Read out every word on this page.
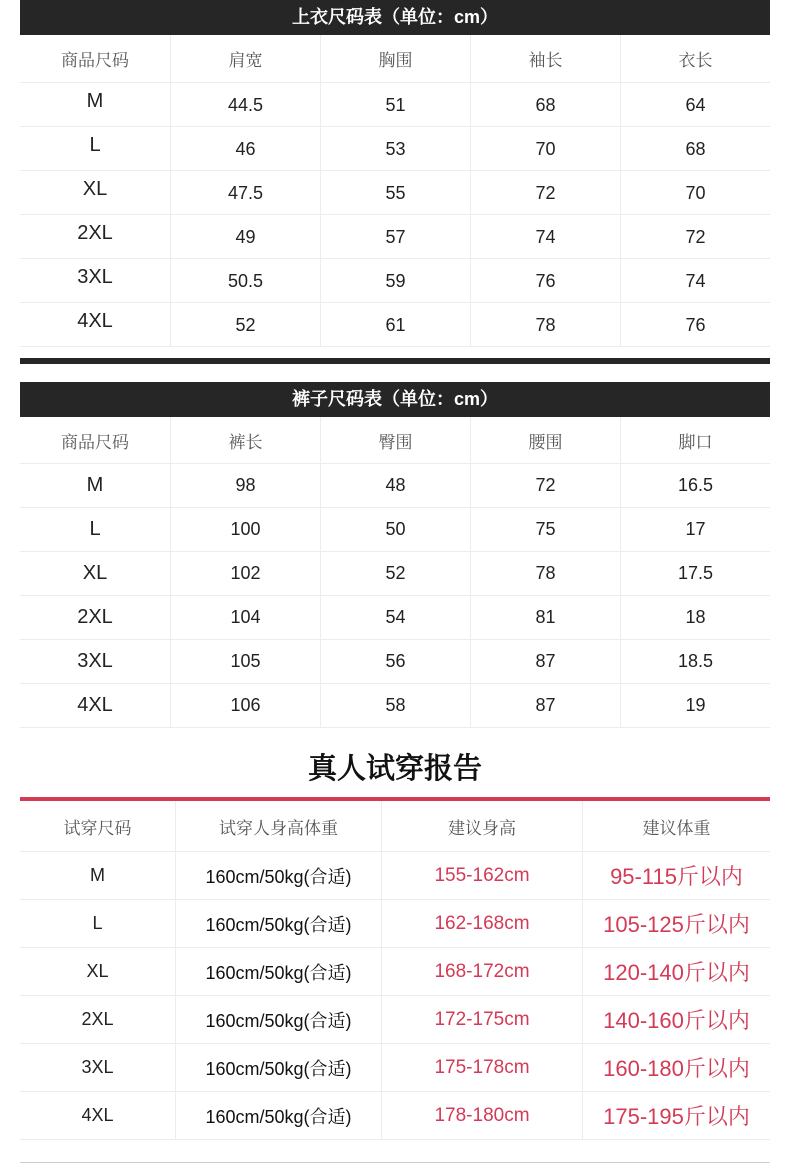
上衣尺码表（单位：cm）
商品尺码	肩宽	胸围	袖长	衣长
M	44.5	51	68	64
L	46	53	70	68
XL	47.5	55	72	70
2XL	49	57	74	72
3XL	50.5	59	76	74
4XL	52	61	78	76
裤子尺码表（单位：cm）
商品尺码	裤长	臀围	腰围	脚口
M	98	48	72	16.5
L	100	50	75	17
XL	102	52	78	17.5
2XL	104	54	81	18
3XL	105	56	87	18.5
4XL	106	58	87	19
真人试穿报告
试穿尺码	试穿人身高体重	建议身高	建议体重
M	160cm/50kg(合适)	155-162cm	95-115斤以内
L	160cm/50kg(合适)	162-168cm	105-125斤以内
XL	160cm/50kg(合适)	168-172cm	120-140斤以内
2XL	160cm/50kg(合适)	172-175cm	140-160斤以内
3XL	160cm/50kg(合适)	175-178cm	160-180斤以内
4XL	160cm/50kg(合适)	178-180cm	175-195斤以内
